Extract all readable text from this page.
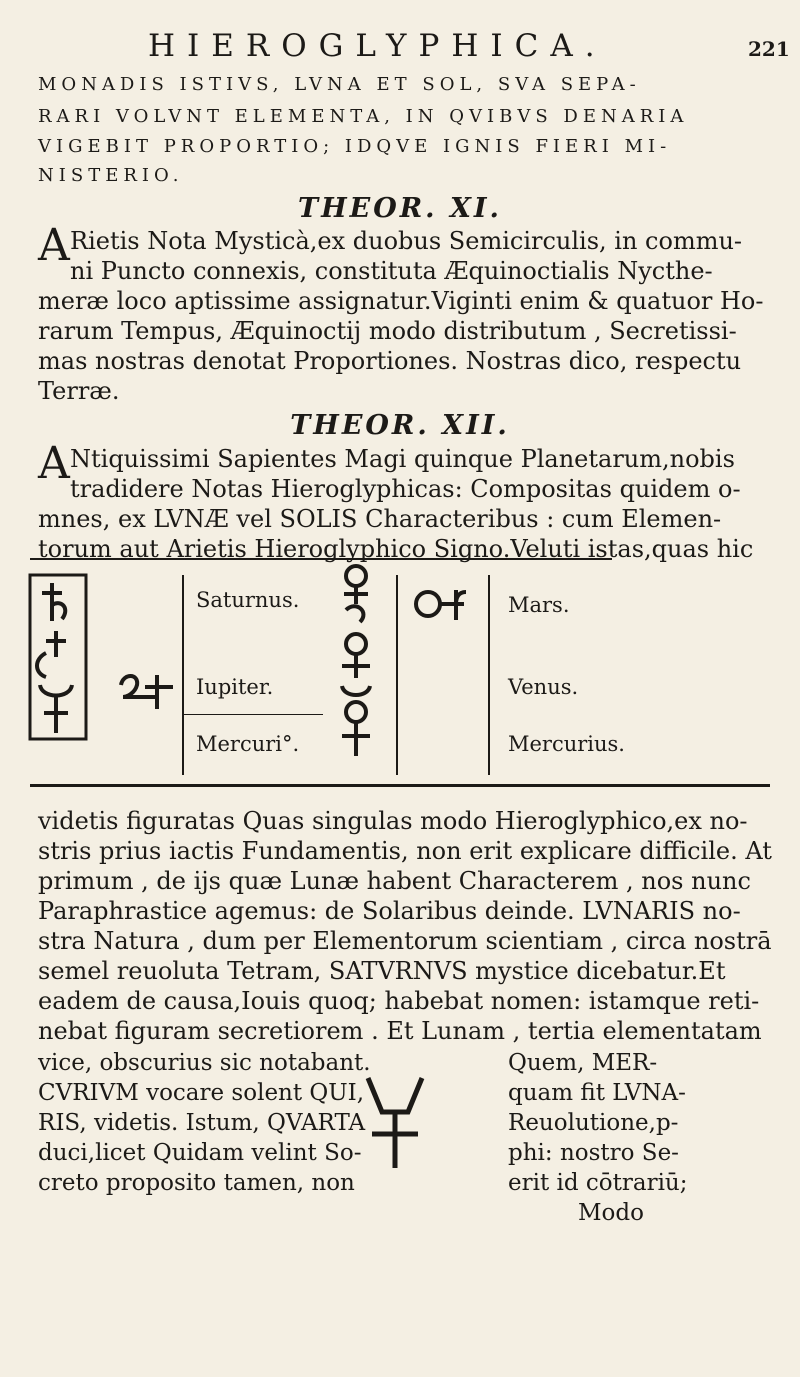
HIEROGLYPHICA.	221
MONADIS ISTIVS, LVNA ET SOL, SVA SEPA-
RARI VOLVNT ELEMENTA, IN QVIBVS DENARIA
VIGEBIT PROPORTIO; IDQVE IGNIS FIERI MI-
NISTERIO.
THEOR. XI.
A Rietis Nota Mysticà,ex duobus Semicirculis, in commu-
ni Puncto connexis, constituta Æquinoctialis Nycthe-
meræ loco aptissime assignatur.Viginti enim & quatuor Ho-
rarum Tempus, Æquinoctij modo distributum , Secretissi-
mas nostras denotat Proportiones. Nostras dico, respectu
Terræ.
THEOR. XII.
A Ntiquissimi Sapientes Magi quinque Planetarum,nobis
tradidere Notas Hieroglyphicas: Compositas quidem o-
mnes, ex LVNÆ vel SOLIS Characteribus : cum Elemen-
torum aut Arietis Hieroglyphico Signo.Veluti istas,quas hic
Saturnus.
Iupiter.
Mercuri°.
Mars.
Venus.
Mercurius.
videtis figuratas Quas singulas modo Hieroglyphico,ex no-
stris prius iactis Fundamentis, non erit explicare difficile. At
primum , de ijs quæ Lunæ habent Characterem , nos nunc
Paraphrastice agemus: de Solaribus deinde. LVNARIS no-
stra Natura , dum per Elementorum scientiam , circa nostrā
semel reuoluta Tetram, SATVRNVS mystice dicebatur.Et
eadem de causa,Iouis quoq; habebat nomen: istamque reti-
nebat figuram secretiorem . Et Lunam , tertia elementatam
vice, obscurius sic notabant.
CVRIVM vocare solent QUI,
RIS, videtis. Istum, QVARTA
duci,licet Quidam velint So-
creto proposito tamen, non
Quem, MER-
quam fit LVNA-
Reuolutione,p-
phi: nostro Se-
erit id cōtrariū;
Modo
